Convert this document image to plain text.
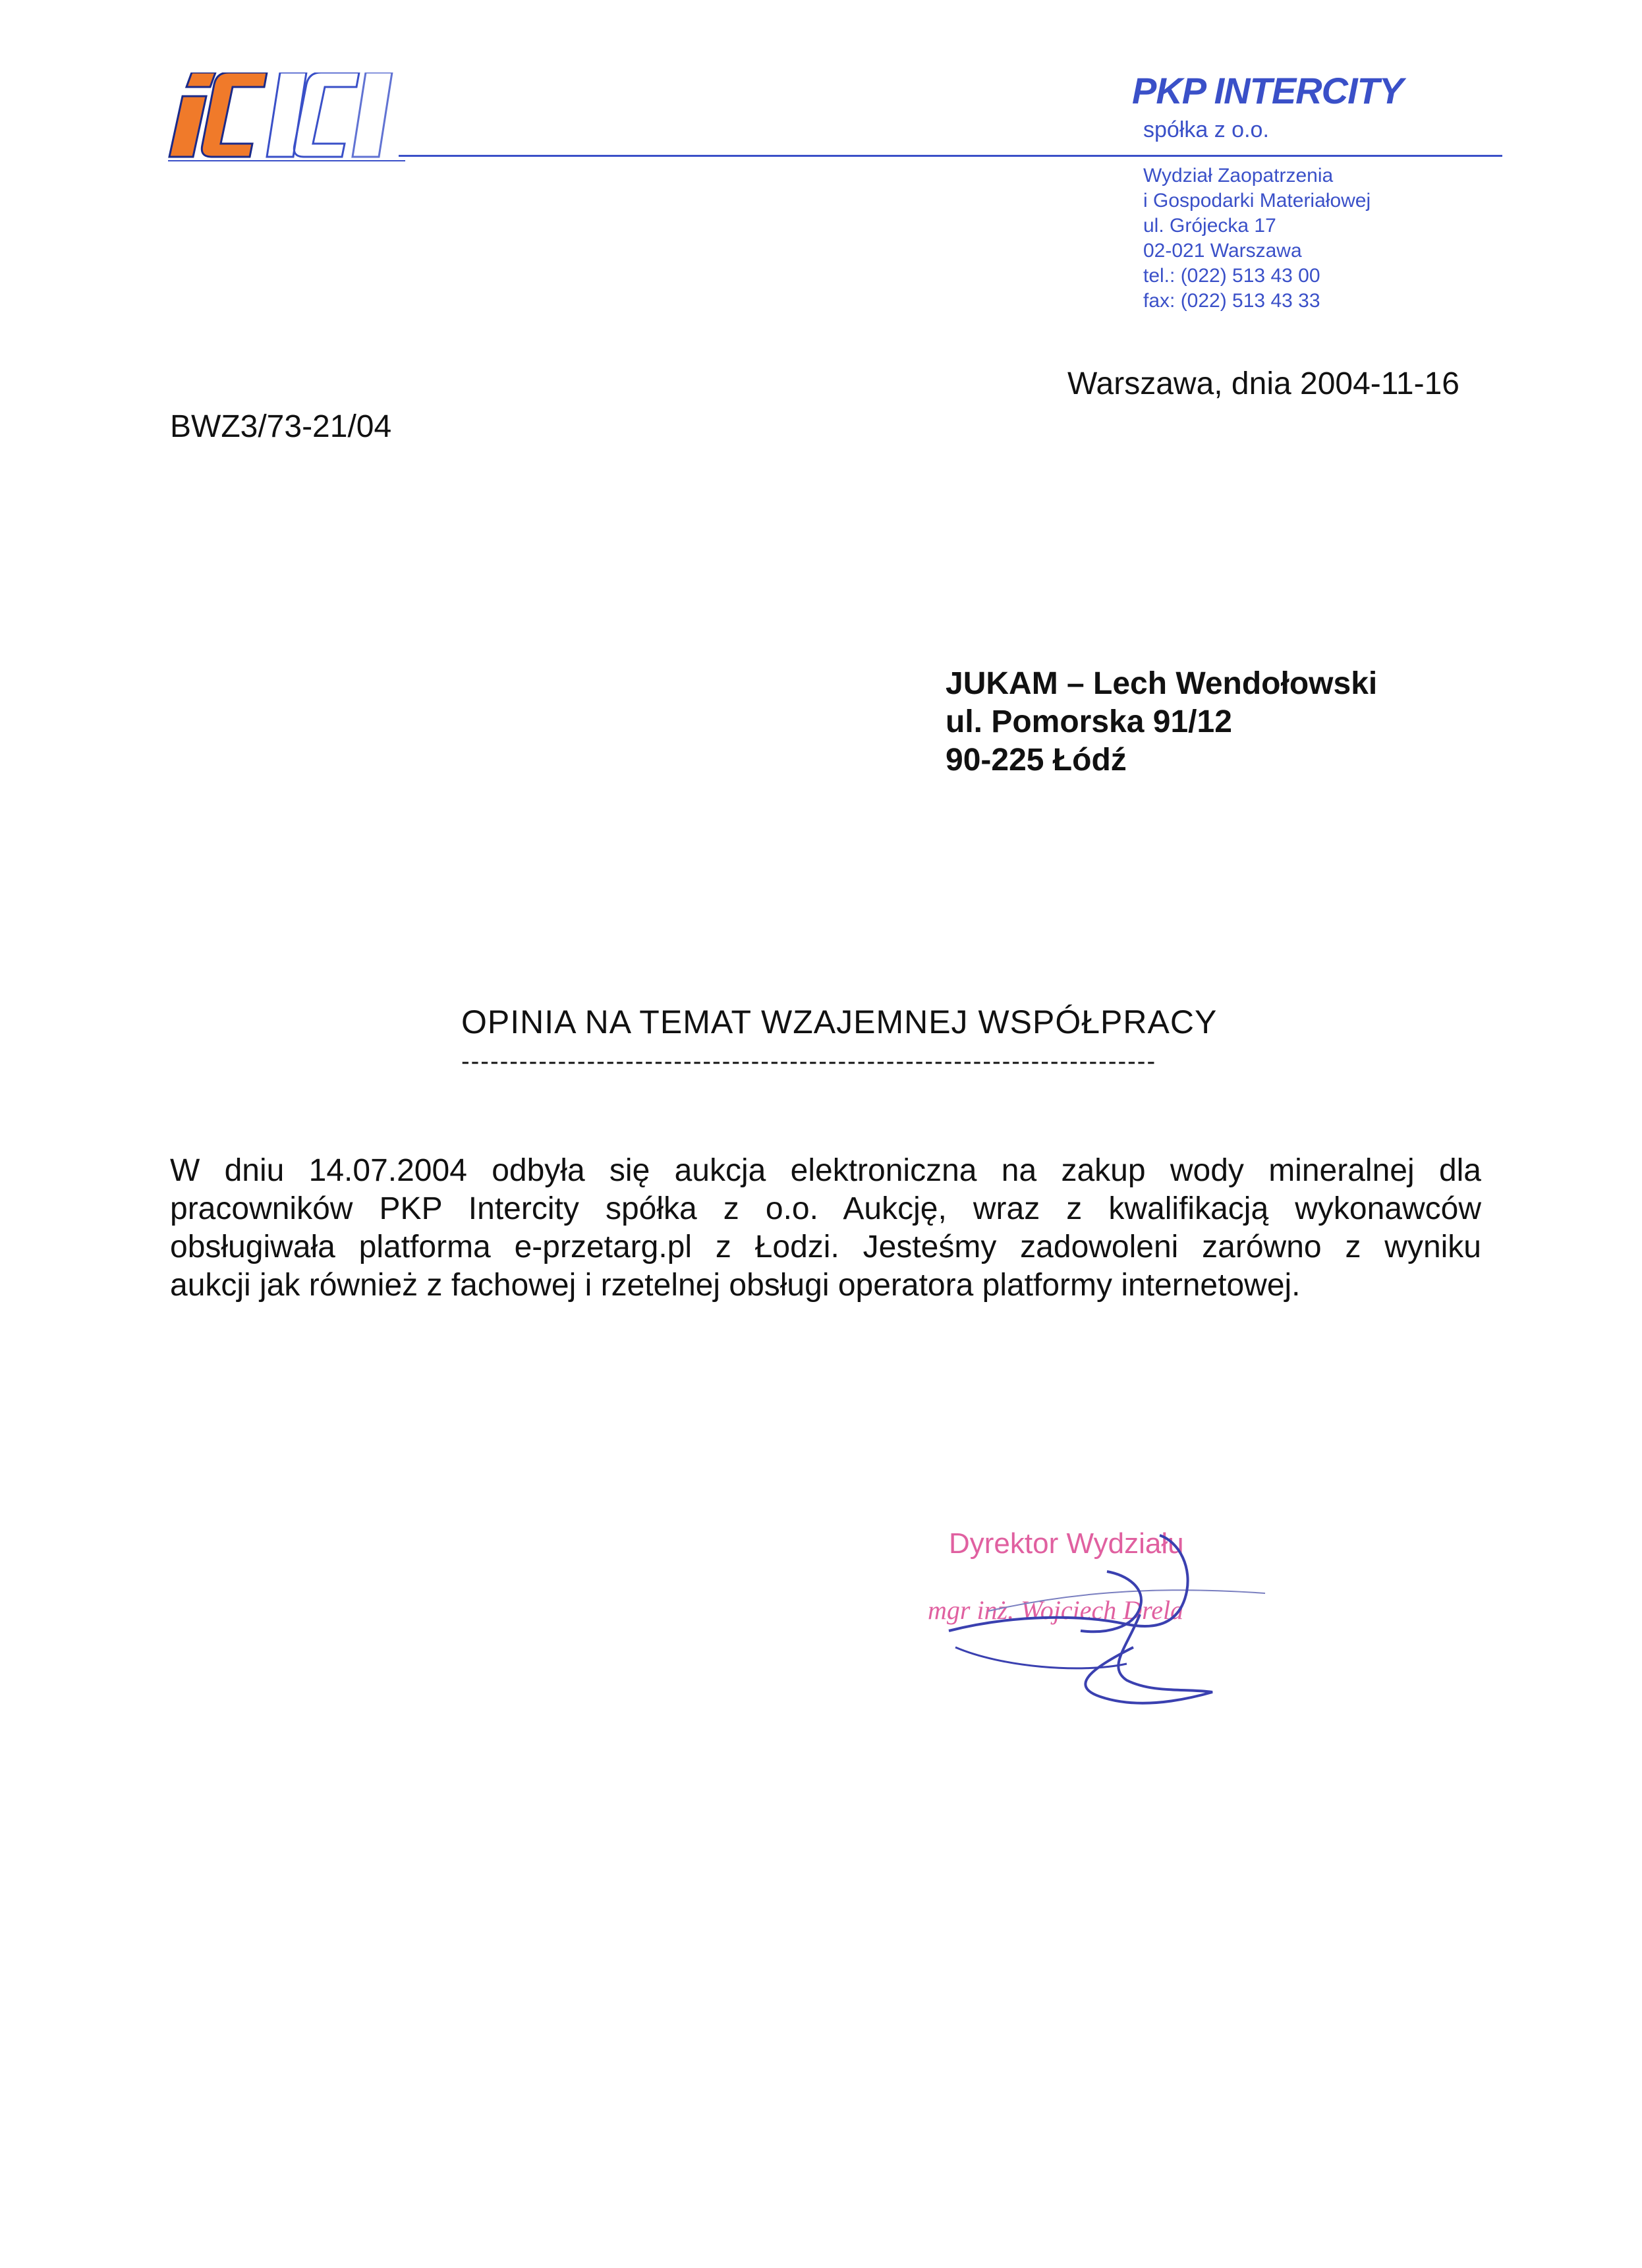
PKP INTERCITY
spółka z o.o.
Wydział Zaopatrzenia
i Gospodarki Materiałowej
ul. Grójecka 17
02-021 Warszawa
tel.: (022) 513 43 00
fax: (022) 513 43 33
Warszawa, dnia 2004-11-16
BWZ3/73-21/04
JUKAM – Lech Wendołowski
ul. Pomorska 91/12
90-225 Łódź
OPINIA NA TEMAT WZAJEMNEJ WSPÓŁPRACY
------------------------------------------------------------------------
W dniu 14.07.2004 odbyła się aukcja elektroniczna na zakup wody mineralnej dla
pracowników PKP Intercity spółka z o.o. Aukcję, wraz z kwalifikacją wykonawców
obsługiwała platforma e-przetarg.pl z Łodzi. Jesteśmy zadowoleni zarówno z wyniku
aukcji jak również z fachowej i rzetelnej obsługi operatora platformy internetowej.
Dyrektor Wydziału
mgr inż. Wojciech Drela
